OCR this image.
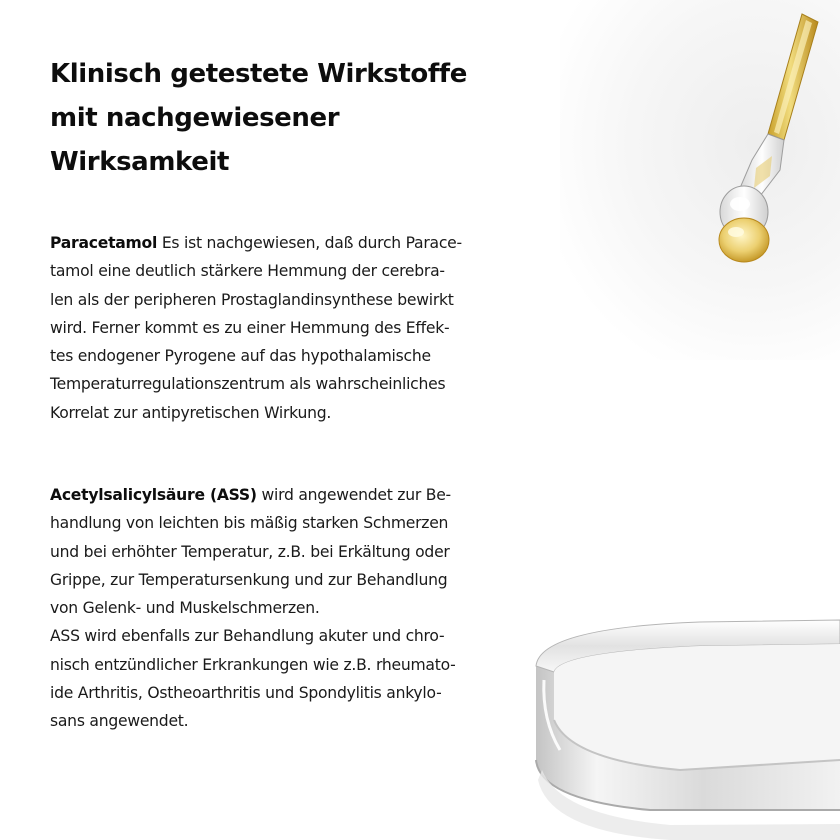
Klinisch getestete Wirkstoffe
mit nachgewiesener
Wirksamkeit
Paracetamol Es ist nachgewiesen, daß durch Parace-
tamol eine deutlich stärkere Hemmung der cerebra-
len als der peripheren Prostaglandinsynthese bewirkt
wird. Ferner kommt es zu einer Hemmung des Effek-
tes endogener Pyrogene auf das hypothalamische
Temperaturregulationszentrum als wahrscheinliches
Korrelat zur antipyretischen Wirkung.
Acetylsalicylsäure (ASS) wird angewendet zur Be-
handlung von leichten bis mäßig starken Schmerzen
und bei erhöhter Temperatur, z.B. bei Erkältung oder
Grippe, zur Temperatursenkung und zur Behandlung
von Gelenk- und Muskelschmerzen.
ASS wird ebenfalls zur Behandlung akuter und chro-
nisch entzündlicher Erkrankungen wie z.B. rheumato-
ide Arthritis, Ostheoarthritis und Spondylitis ankylo-
sans angewendet.
